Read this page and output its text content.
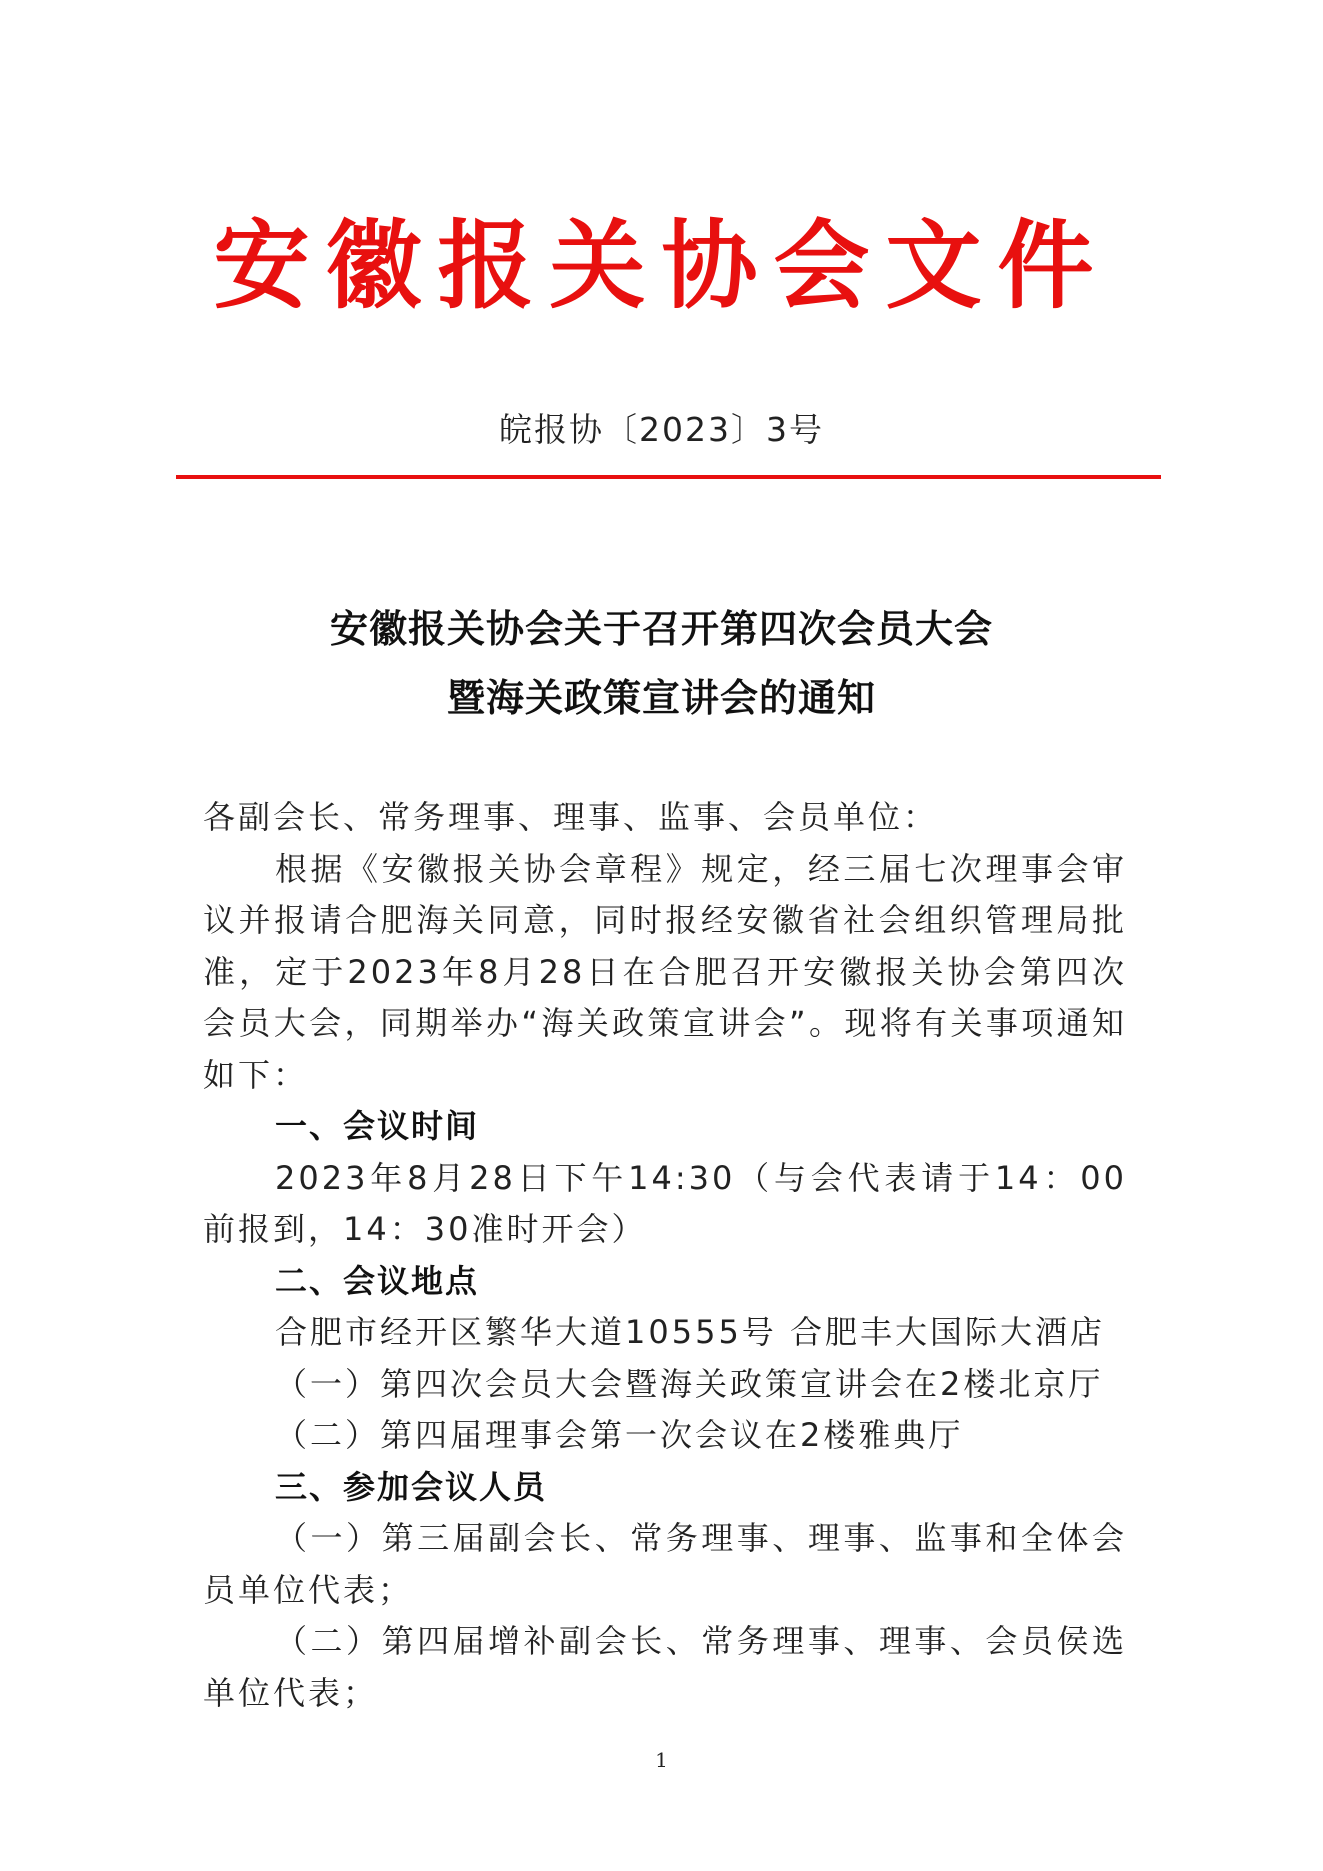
安徽报关协会文件
皖报协〔2023〕3号
安徽报关协会关于召开第四次会员大会
暨海关政策宣讲会的通知

各副会长、常务理事、理事、监事、会员单位：

根据《安徽报关协会章程》规定，经三届七次理事会审议并报请合肥海关同意，同时报经安徽省社会组织管理局批准，定于2023年8月28日在合肥召开安徽报关协会第四次会员大会，同期举办“海关政策宣讲会”。现将有关事项通知如下：

一、会议时间

2023年8月28日下午14:30（与会代表请于14：00前报到，14：30准时开会）

二、会议地点

合肥市经开区繁华大道10555号 合肥丰大国际大酒店

（一）第四次会员大会暨海关政策宣讲会在2楼北京厅

（二）第四届理事会第一次会议在2楼雅典厅

三、参加会议人员

（一）第三届副会长、常务理事、理事、监事和全体会员单位代表；

（二）第四届增补副会长、常务理事、理事、会员侯选单位代表；

1
